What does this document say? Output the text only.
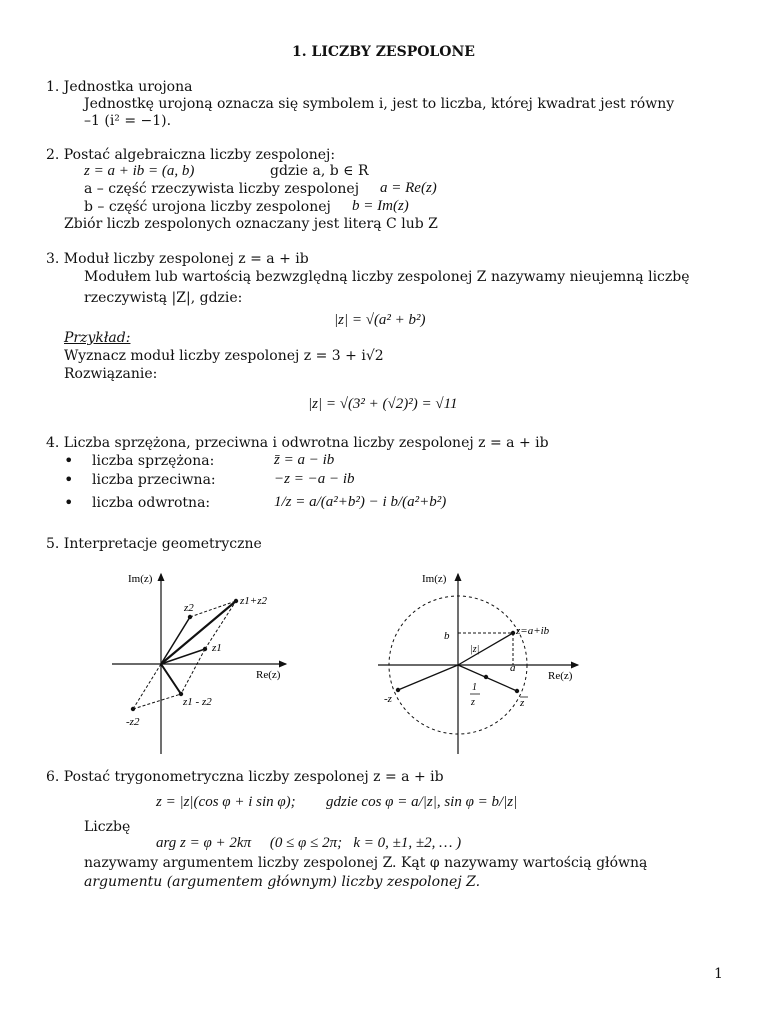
1. LICZBY ZESPOLONE
1. Jednostka urojona
Jednostkę urojoną oznacza się symbolem i, jest to liczba, której kwadrat jest równy
–1 (i² = −1).
2. Postać algebraiczna liczby zespolonej:
z = a + ib = (a, b)	gdzie a, b ∈ R
a – część rzeczywista liczby zespolonej a = Re(z)
b – część urojona liczby zespolonej b = Im(z)
Zbiór liczb zespolonych oznaczany jest literą C lub Z
3. Moduł liczby zespolonej z = a + ib
Modułem lub wartością bezwzględną liczby zespolonej Z nazywamy nieujemną liczbę
rzeczywistą |Z|, gdzie:
|z| = √(a² + b²)
Przykład:
Wyznacz moduł liczby zespolonej z = 3 + i√2
Rozwiązanie:
|z| = √(3² + (√2)²) = √11
4. Liczba sprzężona, przeciwna i odwrotna liczby zespolonej z = a + ib
• liczba sprzężona:	z̄ = a − ib
• liczba przeciwna:	−z = −a − ib
• liczba odwrotna:	1/z = a/(a²+b²) − i b/(a²+b²)
5. Interpretacje geometryczne
Im(z)
Re(z)
z2
z1+z2
z1
z1 - z2
-z2
Im(z)
Re(z)
b
a
z=a+ib
|z|
-z
1
z	z
6. Postać trygonometryczna liczby zespolonej z = a + ib
z = |z|(cos φ + i sin φ); gdzie cos φ = a/|z|, sin φ = b/|z|
Liczbę
arg z = φ + 2kπ     (0 ≤ φ ≤ 2π;   k = 0, ±1, ±2, … )
nazywamy argumentem liczby zespolonej Z. Kąt φ nazywamy wartością główną
argumentu (argumentem głównym) liczby zespolonej Z.
1
